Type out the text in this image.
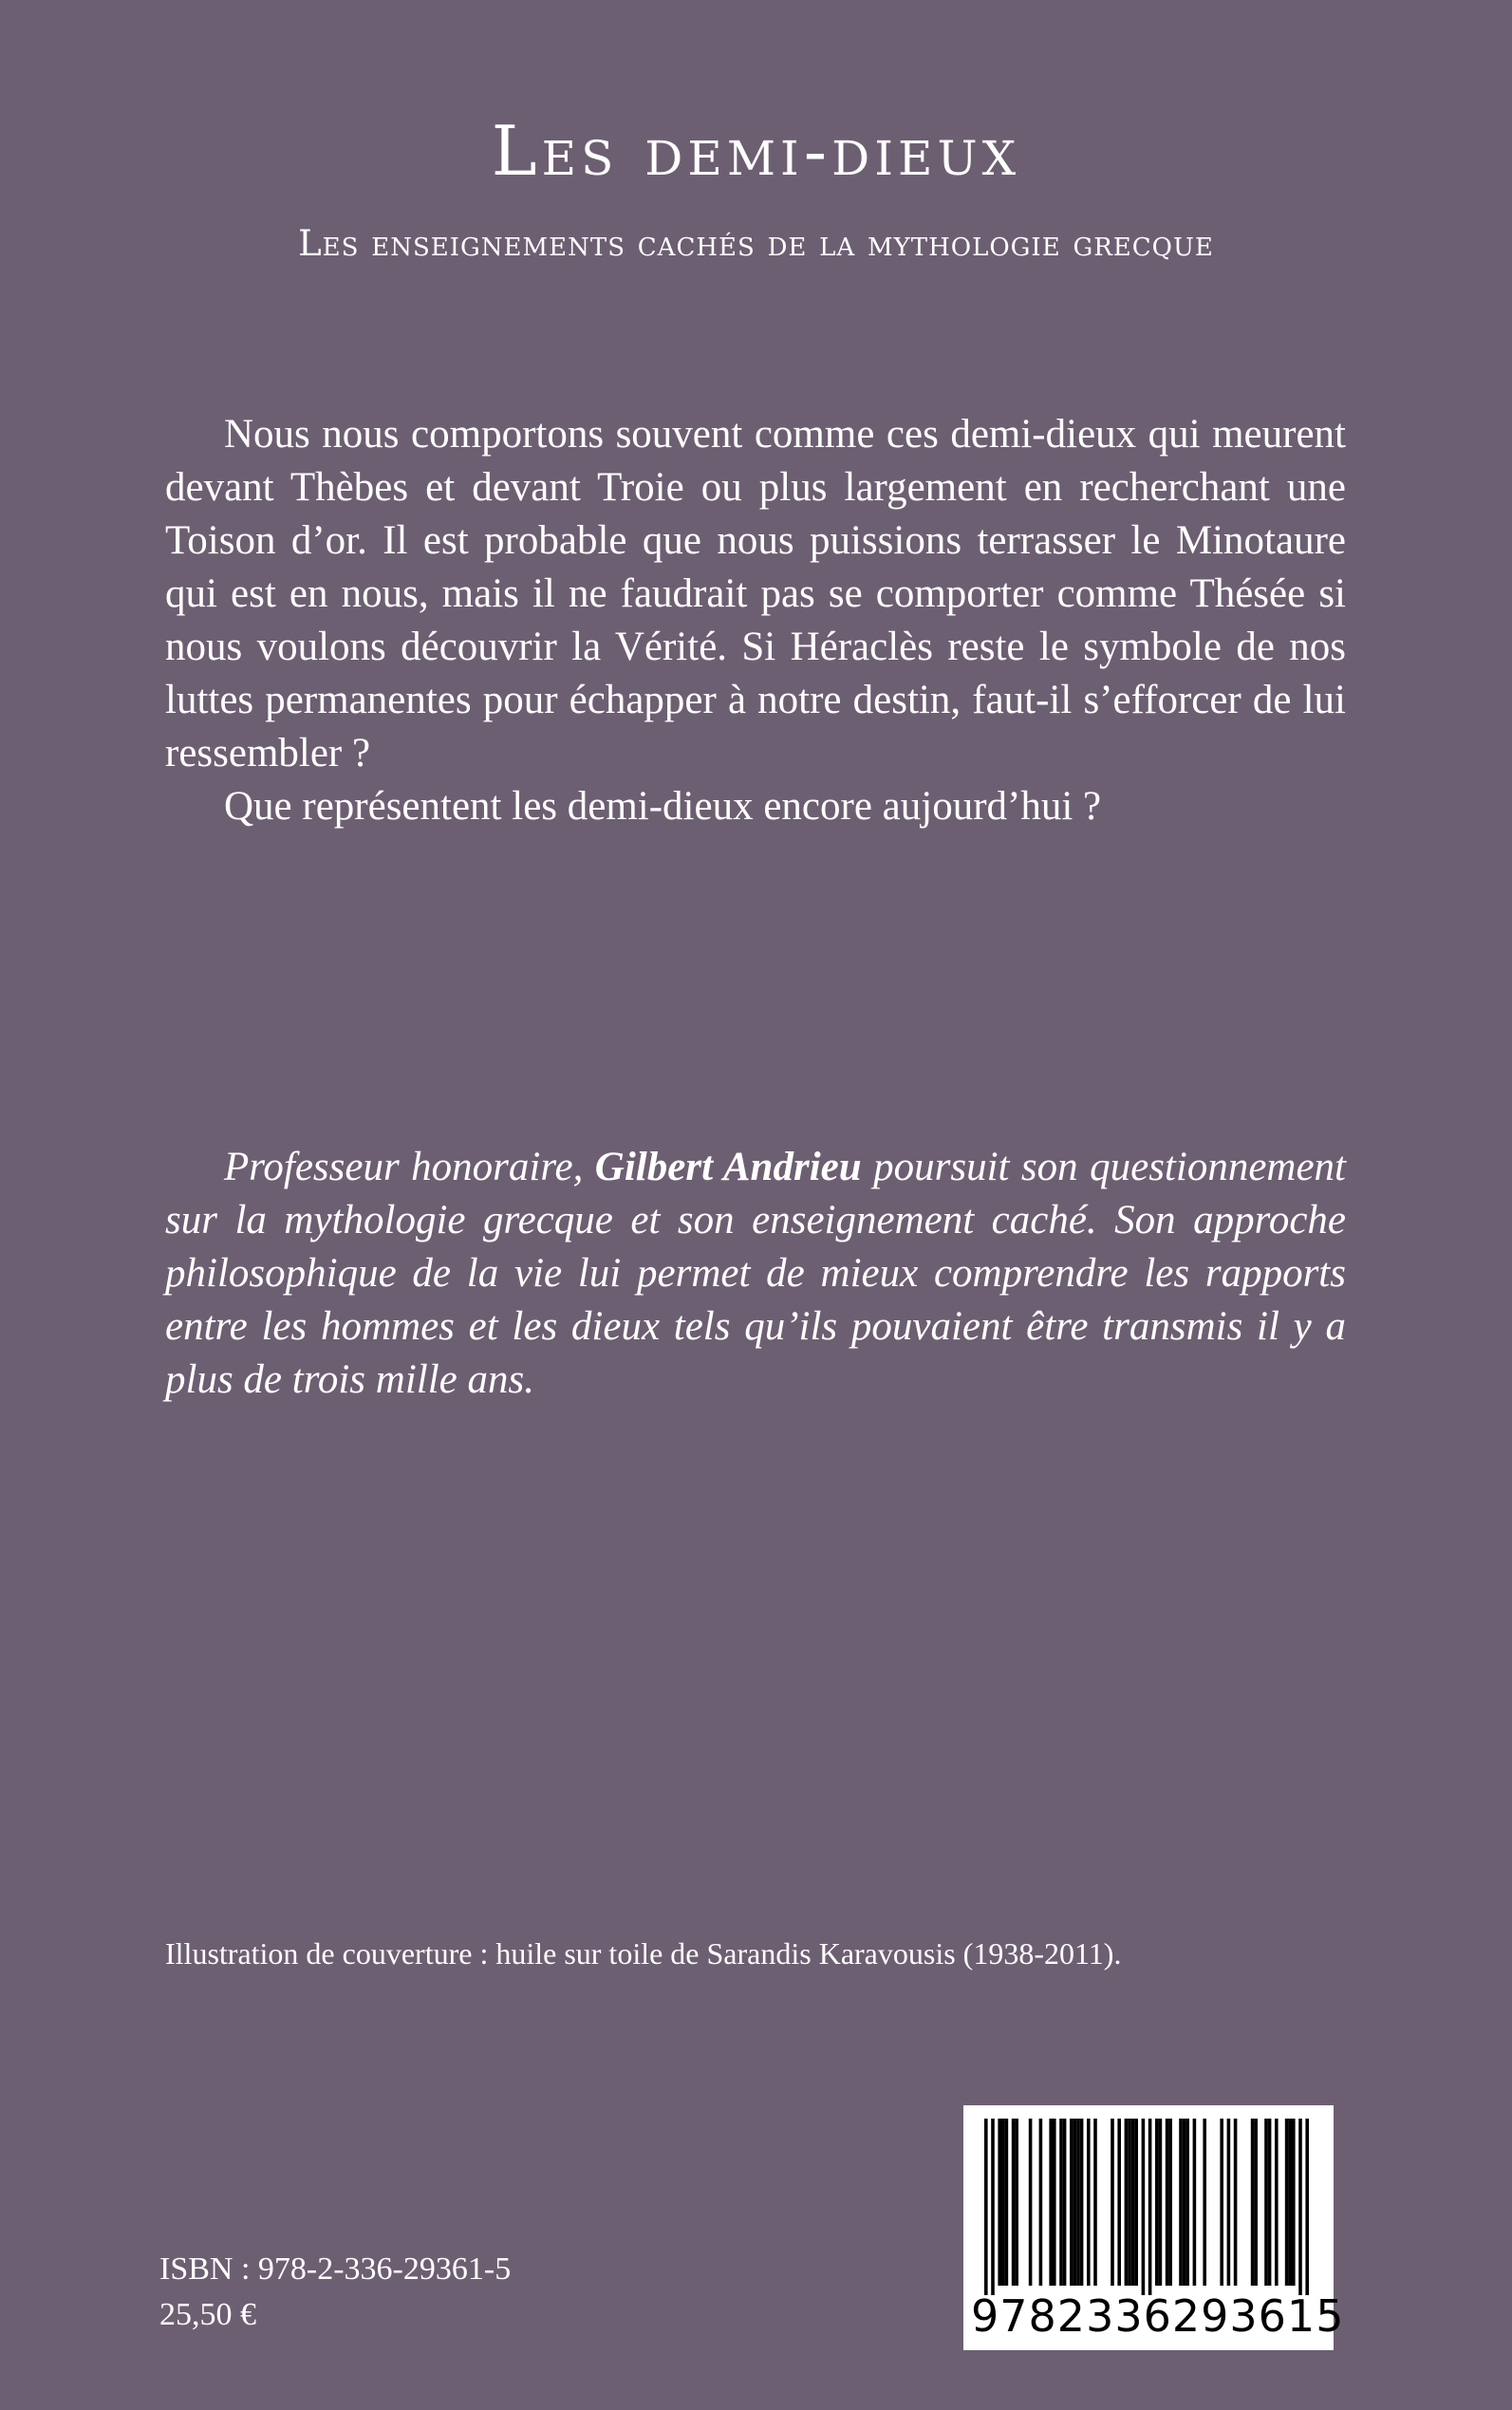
Les demi-dieux
Les enseignements cachés de la mythologie grecque

Nous nous comportons souvent comme ces demi-dieux qui meurent devant Thèbes et devant Troie ou plus largement en recherchant une Toison d’or. Il est probable que nous puissions terrasser le Minotaure qui est en nous, mais il ne faudrait pas se comporter comme Thésée si nous voulons découvrir la Vérité. Si Héraclès reste le symbole de nos luttes permanentes pour échapper à notre destin, faut-il s’efforcer de lui ressembler ?

Que représentent les demi-dieux encore aujourd’hui ?

Professeur honoraire, Gilbert Andrieu poursuit son questionnement sur la mythologie grecque et son enseignement caché. Son approche philosophique de la vie lui permet de mieux comprendre les rapports entre les hommes et les dieux tels qu’ils pouvaient être transmis il y a plus de trois mille ans.

Illustration de couverture : huile sur toile de Sarandis Karavousis (1938-2011).

ISBN : 978-2-336-29361-5

25,50 €	9782336293615
